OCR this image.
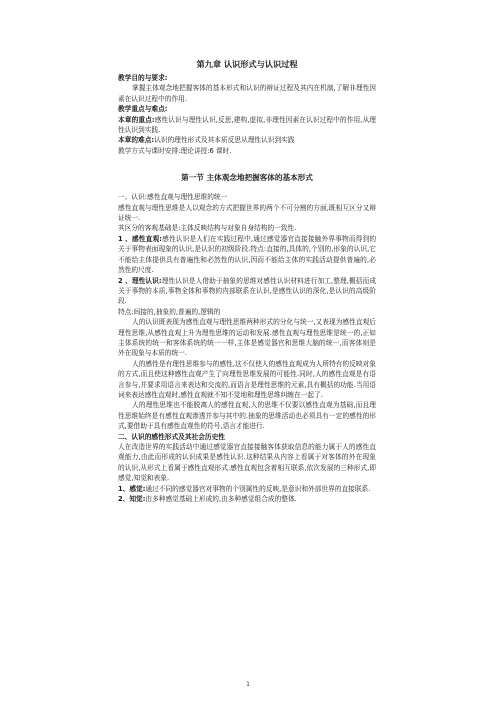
第九章 认识形式与认识过程

教学目的与要求:

掌握主体观念地把握客体的基本形式和认识的辩证过程及其内在机制,了解非理性因素在认识过程中的作用.

教学重点与难点:

本章的重点:感性认识与理性认识,反思,建构,虚拟,非理性因素在认识过程中的作用,从理性认识到实践.

本章的难点:认识的理性形式及其本质反思从理性认识到实践

教学方式与课时安排:理论讲授:6 课时.

第一节 主体观念地把握客体的基本形式

一、认识:感性直观与理性思维的统一

感性直观与理性思维是人以观念的方式把握世界的两个不可分割的方面,既相互区分又辩证统一.

其区分的客观基础是:主体反映结构与对象自身结构的一致性.

1 、感性直观:感性认识是人们在实践过程中,通过感觉器官直接接触外界事物而得到的关于事物表面现象的认识,是认识的初级阶段.特点:直接的,具体的,个别的,形象的认识,它不能给主体提供具有普遍性和必然性的认识,因而不能给主体的实践活动提供普遍的,必然性的尺度.

2 、理性认识:理性认识是人借助于抽象的思维对感性认识材料进行加工,整理,概括而成关于事物的本质,事物全体和事物的内部联系在认识,是感性认识的深化,是认识的高级阶段.

特点:间接的,抽象的,普遍的,逻辑的

人的认识既表现为感性直观与理性思维两种形式的分化与统一,又表现为感性直观后理性思维,从感性直观上升为理性思维的运动和发展.感性直观与理性思维是统一的,正如主体系统的统一和客体系统的统一一样,主体是感觉器官和思维大脑的统一,而客体则是外在现象与本质的统一.

人的感性是有理性思维参与的感性,这不仅使人的感性直观成为人所特有的反映对象的方式,而且使这种感性直观产生了向理性思维发展的可能性.同时,人的感性直观是有语言参与,并要求用语言来表达和交流的,而语言是理性思维的元素,具有概括的功能.当用语词来表达感性直观时,感性直观就不知不觉地和理性思维纠缠在一起了.

人的理性思维也不能脱离人的感性直观,人的思维不仅要以感性直观为基础,而且理性思维始终是有感性直观渗透并参与其中的.抽象的思维活动也必须具有一定的感性的形式,要借助于具有感性直观性的符号,语言才能进行.

二、认识的感性形式及其社会历史性

人在改造世界的实践活动中通过感觉器官直接接触客体获取信息的能力属于人的感性直观能力,由此而形成的认识成果是感性认识.这种结果从内容上看属于对客体的外在现象的认识,从形式上看属于感性直观形式.感性直观包含着相互联系,依次发展的三种形式,即感觉,知觉和表象.

1、感觉:通过不同的感觉器官对事物的个别属性的反映,是意识和外部世界的直接联系.

2、知觉:由多种感觉基础上形成的,由多种感觉组合成的整体.

1
